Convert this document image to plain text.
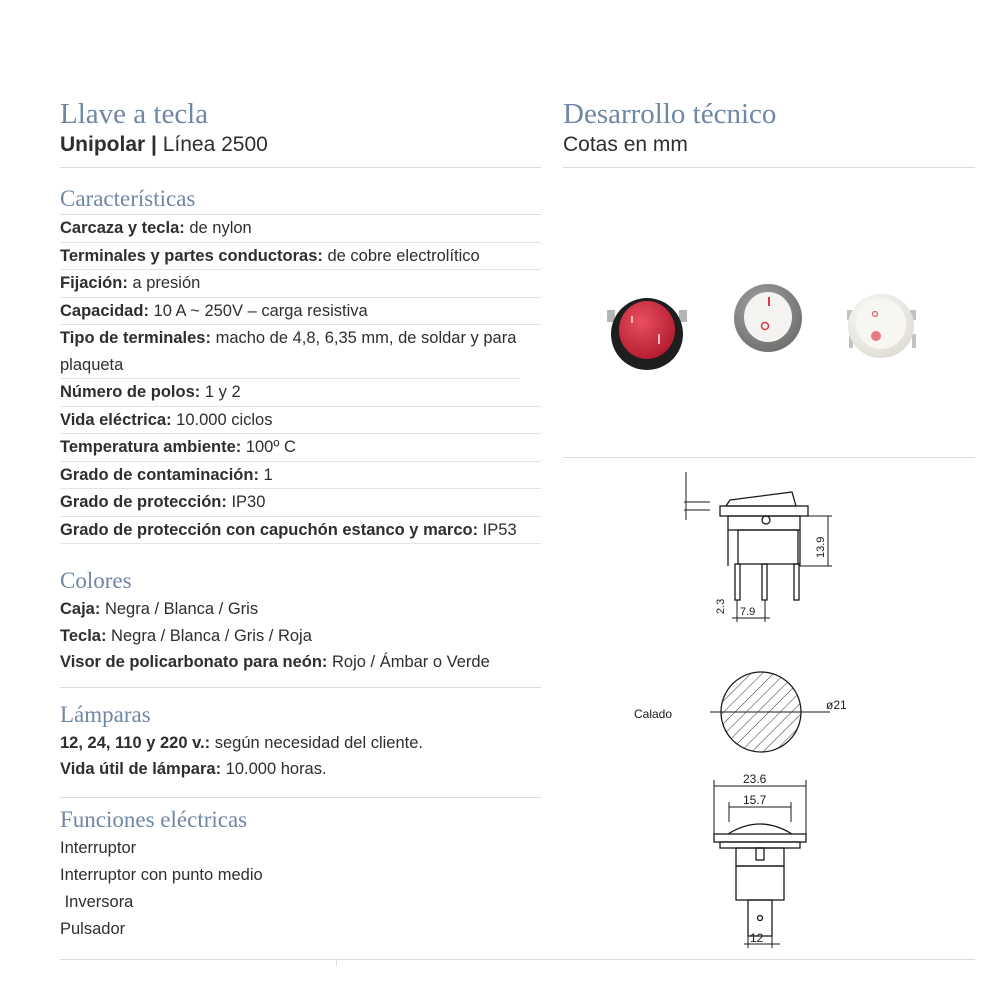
Llave a tecla
Unipolar | Línea 2500
Características
Carcaza y tecla: de nylon
Terminales y partes conductoras: de cobre electrolítico
Fijación: a presión
Capacidad: 10 A ~ 250V – carga resistiva
Tipo de terminales: macho de 4,8, 6,35 mm, de soldar y para plaqueta
Número de polos: 1 y 2
Vida eléctrica: 10.000 ciclos
Temperatura ambiente: 100º C
Grado de contaminación: 1
Grado de protección: IP30
Grado de protección con capuchón estanco y marco: IP53
Colores
Caja: Negra / Blanca / Gris
Tecla: Negra / Blanca / Gris / Roja
Visor de policarbonato para neón: Rojo / Ámbar o Verde
Lámparas
12, 24, 110 y 220 v.: según necesidad del cliente.
Vida útil de lámpara: 10.000 horas.
Funciones eléctricas
Interruptor
Interruptor con punto medio
Inversora
Pulsador
Desarrollo técnico
Cotas en mm
2.3
13.9
7.9
Calado
ø21
23.6
15.7
12
